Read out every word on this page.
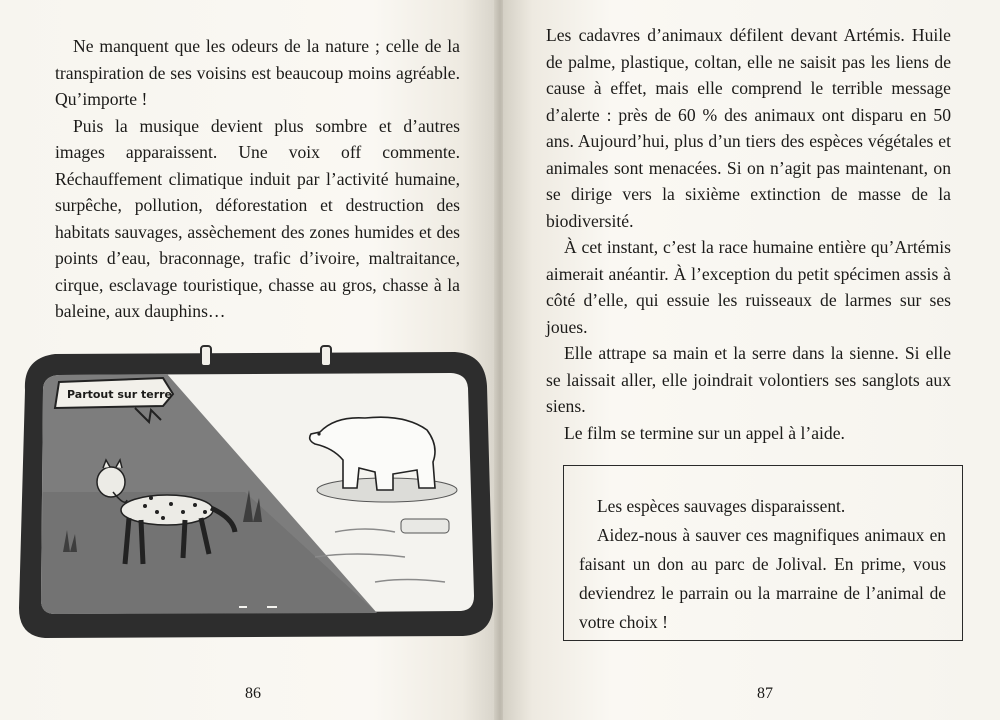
Ne manquent que les odeurs de la nature ; celle de la transpiration de ses voisins est beaucoup moins agréable. Qu’importe !

Puis la musique devient plus sombre et d’autres images apparaissent. Une voix off commente. Réchauffement climatique induit par l’activité humaine, surpêche, pollution, déforestation et destruction des habitats sauvages, assèchement des zones humides et des points d’eau, braconnage, trafic d’ivoire, maltraitance, cirque, esclavage touristique, chasse au gros, chasse à la baleine, aux dauphins…

Partout sur terre
86

Les cadavres d’animaux défilent devant Artémis. Huile de palme, plastique, coltan, elle ne saisit pas les liens de cause à effet, mais elle comprend le terrible message d’alerte : près de 60 % des animaux ont disparu en 50 ans. Aujourd’hui, plus d’un tiers des espèces végétales et animales sont menacées. Si on n’agit pas maintenant, on se dirige vers la sixième extinction de masse de la biodiversité.

À cet instant, c’est la race humaine entière qu’Artémis aimerait anéantir. À l’exception du petit spécimen assis à côté d’elle, qui essuie les ruisseaux de larmes sur ses joues.

Elle attrape sa main et la serre dans la sienne. Si elle se laissait aller, elle joindrait volontiers ses sanglots aux siens.

Le film se termine sur un appel à l’aide.

Les espèces sauvages disparaissent.

Aidez-nous à sauver ces magnifiques animaux en faisant un don au parc de Jolival. En prime, vous deviendrez le parrain ou la marraine de l’animal de votre choix !

87
